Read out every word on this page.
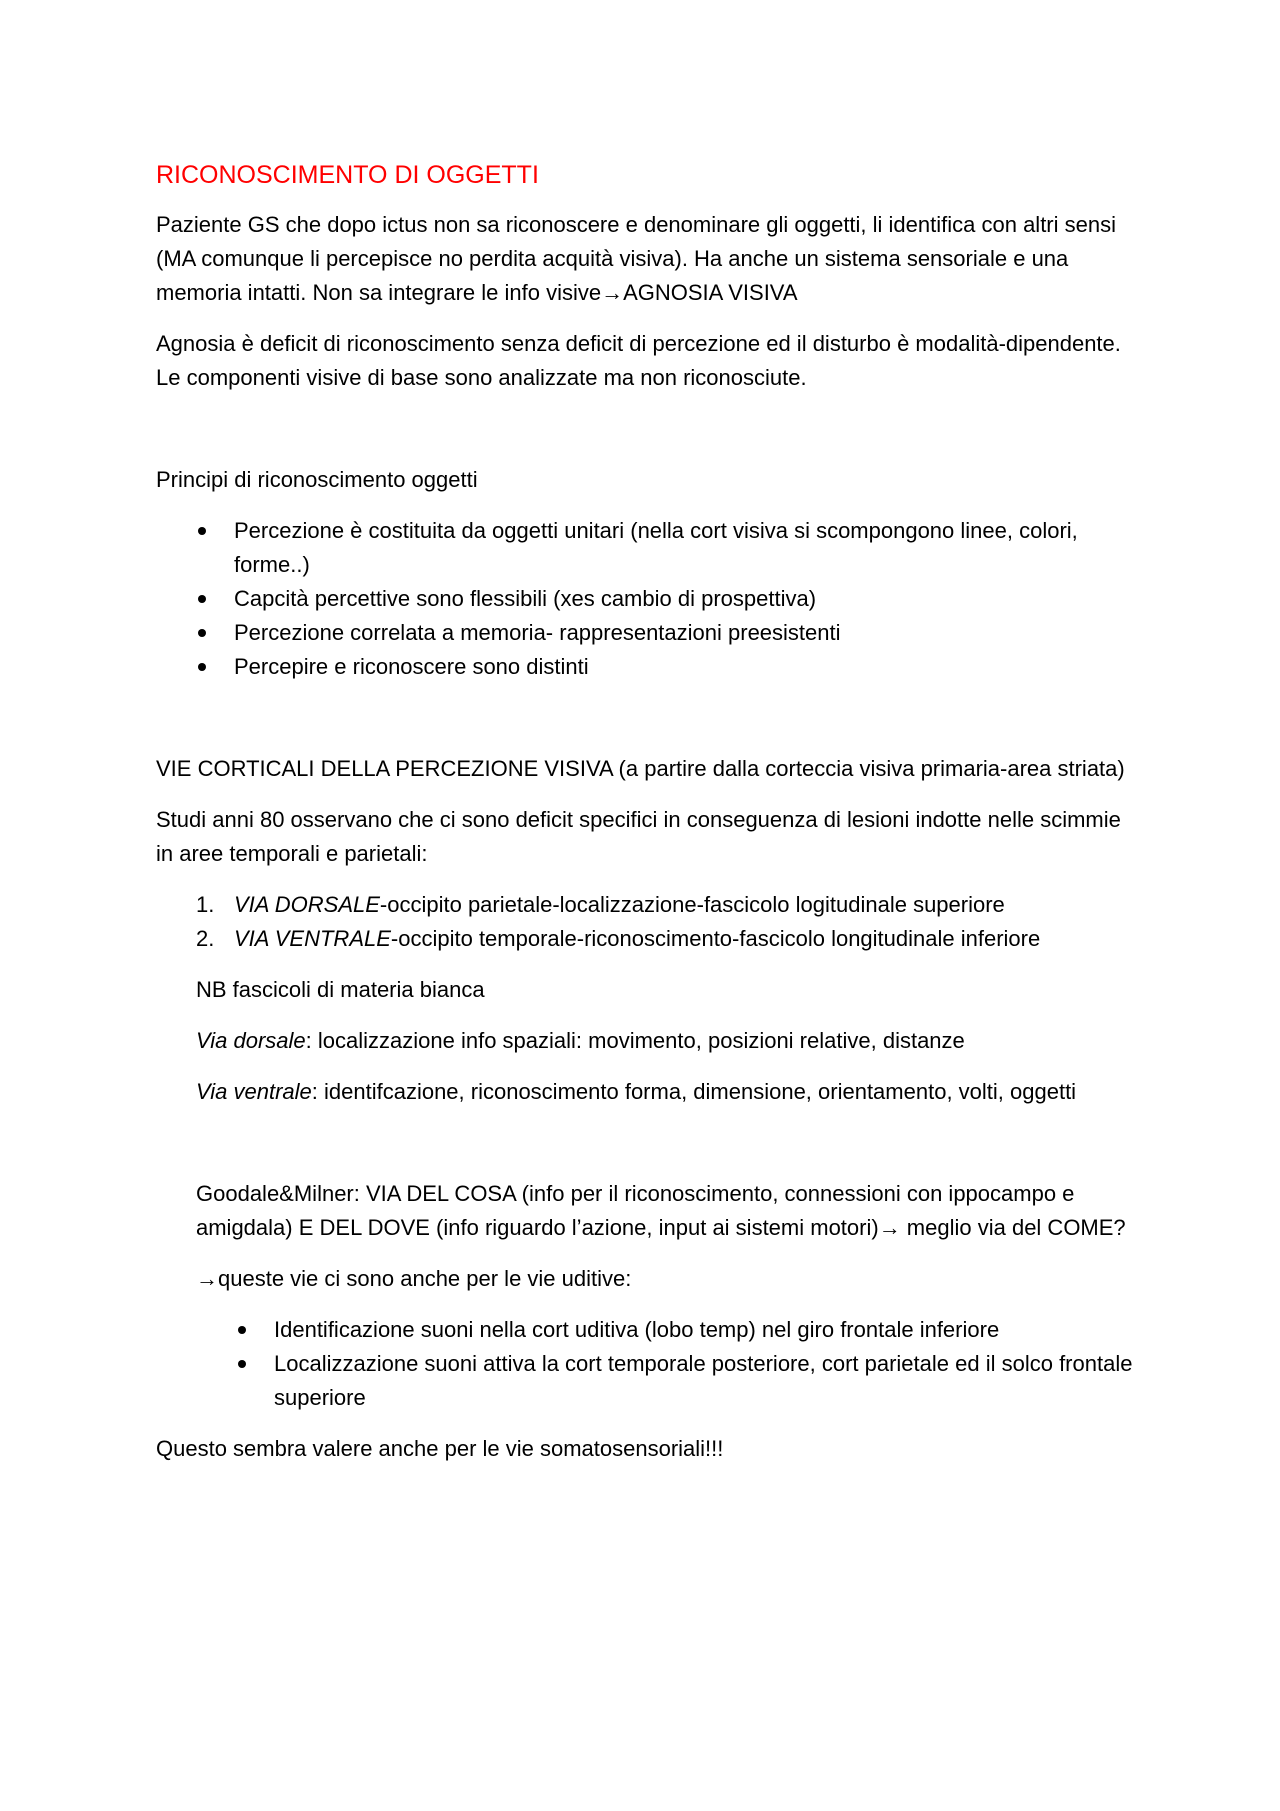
RICONOSCIMENTO DI OGGETTI

Paziente GS che dopo ictus non sa riconoscere e denominare gli oggetti, li identifica con altri sensi (MA comunque li percepisce no perdita acquità visiva). Ha anche un sistema sensoriale e una memoria intatti. Non sa integrare le info visive→AGNOSIA VISIVA

Agnosia è deficit di riconoscimento senza deficit di percezione ed il disturbo è modalità-dipendente. Le componenti visive di base sono analizzate ma non riconosciute.

Principi di riconoscimento oggetti

Percezione è costituita da oggetti unitari (nella cort visiva si scompongono linee, colori, forme..)
Capcità percettive sono flessibili (xes cambio di prospettiva)
Percezione correlata a memoria- rappresentazioni preesistenti
Percepire e riconoscere sono distinti

VIE CORTICALI DELLA PERCEZIONE VISIVA (a partire dalla corteccia visiva primaria-area striata)

Studi anni 80 osservano che ci sono deficit specifici in conseguenza di lesioni indotte nelle scimmie in aree temporali e parietali:

1. VIA DORSALE-occipito parietale-localizzazione-fascicolo logitudinale superiore
2. VIA VENTRALE-occipito temporale-riconoscimento-fascicolo longitudinale inferiore

NB fascicoli di materia bianca

Via dorsale: localizzazione info spaziali: movimento, posizioni relative, distanze

Via ventrale: identifcazione, riconoscimento forma, dimensione, orientamento, volti, oggetti

Goodale&Milner: VIA DEL COSA (info per il riconoscimento, connessioni con ippocampo e amigdala) E DEL DOVE (info riguardo l’azione, input ai sistemi motori)→ meglio via del COME?

→queste vie ci sono anche per le vie uditive:

Identificazione suoni nella cort uditiva (lobo temp) nel giro frontale inferiore
Localizzazione suoni attiva la cort temporale posteriore, cort parietale ed il solco frontale superiore

Questo sembra valere anche per le vie somatosensoriali!!!
